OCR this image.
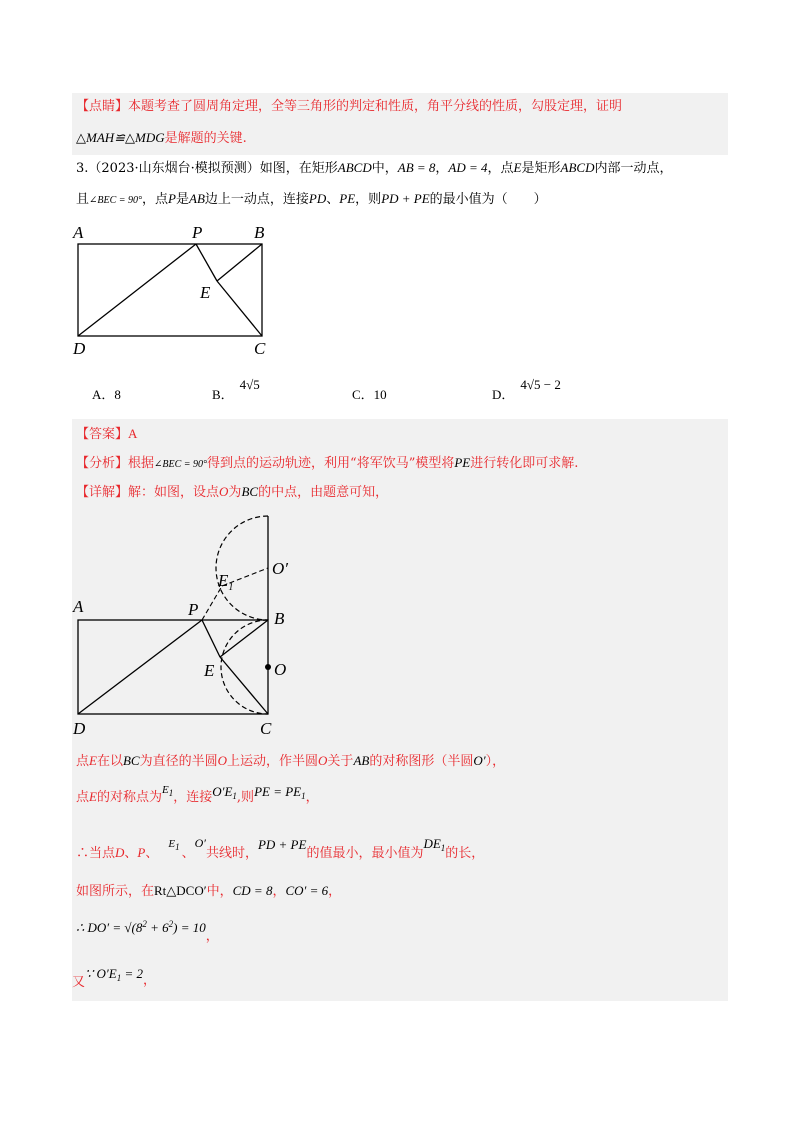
【点睛】本题考查了圆周角定理，全等三角形的判定和性质，角平分线的性质，勾股定理，证明
△MAH≌△MDG是解题的关键.
3.（2023·山东烟台·模拟预测）如图，在矩形ABCD中，AB = 8，AD = 4，点E是矩形ABCD内部一动点，
且∠BEC = 90°，点P是AB边上一动点，连接PD、PE，则PD + PE的最小值为（　　）
A	P	B
E
D	C
A．8	B．4√5
C．10	D．4√5 − 2
【答案】A
【分析】根据∠BEC = 90°得到点的运动轨迹，利用“将军饮马”模型将PE进行转化即可求解.
【详解】解：如图，设点O为BC的中点，由题意可知，
A	P	B
E
$E_1$
O
O′
D	C
点E在以BC为直径的半圆O上运动，作半圆O关于AB的对称图形（半圆O′），
点E的对称点为$^{E_1}$，连接$O'E_1$,则PE = $PE_1$，
∴当点D、P、$^{E_1}$ 、O′共线时，PD + PE的值最小，最小值为$DE_1$的长，
如图所示，在Rt△DCO′中，CD = 8，CO′ = 6，
∴ $DO' = √(8^2 + 6^2) = 10$，
又∵ $O'E_1 = 2$，
